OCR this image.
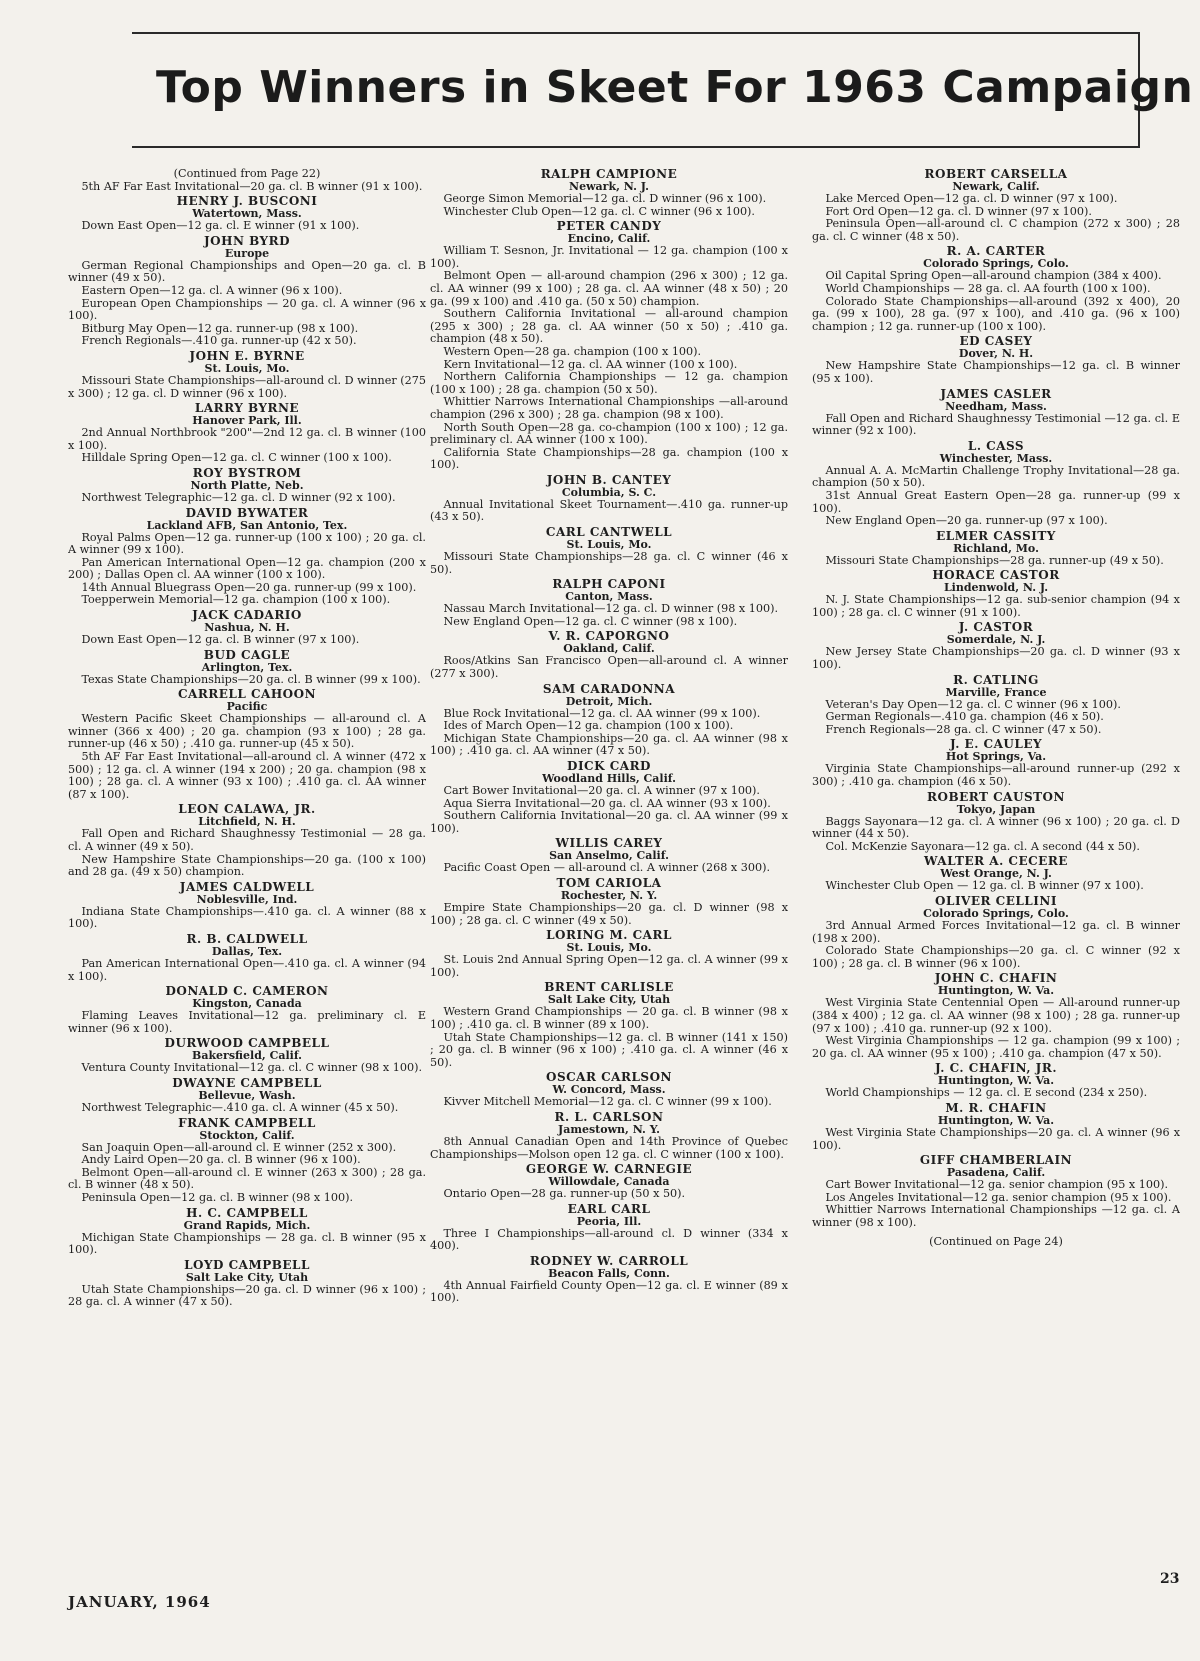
Top Winners in Skeet For 1963 Campaign

(Continued from Page 22)

5th AF Far East Invitational—20 ga. cl. B winner (91 x 100).

HENRY J. BUSCONI

Watertown, Mass.

Down East Open—12 ga. cl. E winner (91 x 100).

JOHN BYRD

Europe

German Regional Championships and Open—20 ga. cl. B winner (49 x 50).

Eastern Open—12 ga. cl. A winner (96 x 100).

European Open Championships — 20 ga. cl. A winner (96 x 100).

Bitburg May Open—12 ga. runner-up (98 x 100).

French Regionals—.410 ga. runner-up (42 x 50).

JOHN E. BYRNE

St. Louis, Mo.

Missouri State Championships—all-around cl. D winner (275 x 300) ; 12 ga. cl. D winner (96 x 100).

LARRY BYRNE

Hanover Park, Ill.

2nd Annual Northbrook "200"—2nd 12 ga. cl. B winner (100 x 100).

Hilldale Spring Open—12 ga. cl. C winner (100 x 100).

ROY BYSTROM

North Platte, Neb.

Northwest Telegraphic—12 ga. cl. D winner (92 x 100).

DAVID BYWATER

Lackland AFB, San Antonio, Tex.

Royal Palms Open—12 ga. runner-up (100 x 100) ; 20 ga. cl. A winner (99 x 100).

Pan American International Open—12 ga. champion (200 x 200) ; Dallas Open cl. AA winner (100 x 100).

14th Annual Bluegrass Open—20 ga. runner-up (99 x 100).

Toepperwein Memorial—12 ga. champion (100 x 100).

JACK CADARIO

Nashua, N. H.

Down East Open—12 ga. cl. B winner (97 x 100).

BUD CAGLE

Arlington, Tex.

Texas State Championships—20 ga. cl. B winner (99 x 100).

CARRELL CAHOON

Pacific

Western Pacific Skeet Championships — all-around cl. A winner (366 x 400) ; 20 ga. champion (93 x 100) ; 28 ga. runner-up (46 x 50) ; .410 ga. runner-up (45 x 50).

5th AF Far East Invitational—all-around cl. A winner (472 x 500) ; 12 ga. cl. A winner (194 x 200) ; 20 ga. champion (98 x 100) ; 28 ga. cl. A winner (93 x 100) ; .410 ga. cl. AA winner (87 x 100).

LEON CALAWA, JR.

Litchfield, N. H.

Fall Open and Richard Shaughnessy Testimonial — 28 ga. cl. A winner (49 x 50).

New Hampshire State Championships—20 ga. (100 x 100) and 28 ga. (49 x 50) champion.

JAMES CALDWELL

Noblesville, Ind.

Indiana State Championships—.410 ga. cl. A winner (88 x 100).

R. B. CALDWELL

Dallas, Tex.

Pan American International Open—.410 ga. cl. A winner (94 x 100).

DONALD C. CAMERON

Kingston, Canada

Flaming Leaves Invitational—12 ga. preliminary cl. E winner (96 x 100).

DURWOOD CAMPBELL

Bakersfield, Calif.

Ventura County Invitational—12 ga. cl. C winner (98 x 100).

DWAYNE CAMPBELL

Bellevue, Wash.

Northwest Telegraphic—.410 ga. cl. A winner (45 x 50).

FRANK CAMPBELL

Stockton, Calif.

San Joaquin Open—all-around cl. E winner (252 x 300).

Andy Laird Open—20 ga. cl. B winner (96 x 100).

Belmont Open—all-around cl. E winner (263 x 300) ; 28 ga. cl. B winner (48 x 50).

Peninsula Open—12 ga. cl. B winner (98 x 100).

H. C. CAMPBELL

Grand Rapids, Mich.

Michigan State Championships — 28 ga. cl. B winner (95 x 100).

LOYD CAMPBELL

Salt Lake City, Utah

Utah State Championships—20 ga. cl. D winner (96 x 100) ; 28 ga. cl. A winner (47 x 50).

RALPH CAMPIONE

Newark, N. J.

George Simon Memorial—12 ga. cl. D winner (96 x 100).

Winchester Club Open—12 ga. cl. C winner (96 x 100).

PETER CANDY

Encino, Calif.

William T. Sesnon, Jr. Invitational — 12 ga. champion (100 x 100).

Belmont Open — all-around champion (296 x 300) ; 12 ga. cl. AA winner (99 x 100) ; 28 ga. cl. AA winner (48 x 50) ; 20 ga. (99 x 100) and .410 ga. (50 x 50) champion.

Southern California Invitational — all-around champion (295 x 300) ; 28 ga. cl. AA winner (50 x 50) ; .410 ga. champion (48 x 50).

Western Open—28 ga. champion (100 x 100).

Kern Invitational—12 ga. cl. AA winner (100 x 100).

Northern California Championships — 12 ga. champion (100 x 100) ; 28 ga. champion (50 x 50).

Whittier Narrows International Championships —all-around champion (296 x 300) ; 28 ga. champion (98 x 100).

North South Open—28 ga. co-champion (100 x 100) ; 12 ga. preliminary cl. AA winner (100 x 100).

California State Championships—28 ga. champion (100 x 100).

JOHN B. CANTEY

Columbia, S. C.

Annual Invitational Skeet Tournament—.410 ga. runner-up (43 x 50).

CARL CANTWELL

St. Louis, Mo.

Missouri State Championships—28 ga. cl. C winner (46 x 50).

RALPH CAPONI

Canton, Mass.

Nassau March Invitational—12 ga. cl. D winner (98 x 100).

New England Open—12 ga. cl. C winner (98 x 100).

V. R. CAPORGNO

Oakland, Calif.

Roos/Atkins San Francisco Open—all-around cl. A winner (277 x 300).

SAM CARADONNA

Detroit, Mich.

Blue Rock Invitational—12 ga. cl. AA winner (99 x 100).

Ides of March Open—12 ga. champion (100 x 100).

Michigan State Championships—20 ga. cl. AA winner (98 x 100) ; .410 ga. cl. AA winner (47 x 50).

DICK CARD

Woodland Hills, Calif.

Cart Bower Invitational—20 ga. cl. A winner (97 x 100).

Aqua Sierra Invitational—20 ga. cl. AA winner (93 x 100).

Southern California Invitational—20 ga. cl. AA winner (99 x 100).

WILLIS CAREY

San Anselmo, Calif.

Pacific Coast Open — all-around cl. A winner (268 x 300).

TOM CARIOLA

Rochester, N. Y.

Empire State Championships—20 ga. cl. D winner (98 x 100) ; 28 ga. cl. C winner (49 x 50).

LORING M. CARL

St. Louis, Mo.

St. Louis 2nd Annual Spring Open—12 ga. cl. A winner (99 x 100).

BRENT CARLISLE

Salt Lake City, Utah

Western Grand Championships — 20 ga. cl. B winner (98 x 100) ; .410 ga. cl. B winner (89 x 100).

Utah State Championships—12 ga. cl. B winner (141 x 150) ; 20 ga. cl. B winner (96 x 100) ; .410 ga. cl. A winner (46 x 50).

OSCAR CARLSON

W. Concord, Mass.

Kivver Mitchell Memorial—12 ga. cl. C winner (99 x 100).

R. L. CARLSON

Jamestown, N. Y.

8th Annual Canadian Open and 14th Province of Quebec Championships—Molson open 12 ga. cl. C winner (100 x 100).

GEORGE W. CARNEGIE

Willowdale, Canada

Ontario Open—28 ga. runner-up (50 x 50).

EARL CARL

Peoria, Ill.

Three I Championships—all-around cl. D winner (334 x 400).

RODNEY W. CARROLL

Beacon Falls, Conn.

4th Annual Fairfield County Open—12 ga. cl. E winner (89 x 100).

ROBERT CARSELLA

Newark, Calif.

Lake Merced Open—12 ga. cl. D winner (97 x 100).

Fort Ord Open—12 ga. cl. D winner (97 x 100).

Peninsula Open—all-around cl. C champion (272 x 300) ; 28 ga. cl. C winner (48 x 50).

R. A. CARTER

Colorado Springs, Colo.

Oil Capital Spring Open—all-around champion (384 x 400).

World Championships — 28 ga. cl. AA fourth (100 x 100).

Colorado State Championships—all-around (392 x 400), 20 ga. (99 x 100), 28 ga. (97 x 100), and .410 ga. (96 x 100) champion ; 12 ga. runner-up (100 x 100).

ED CASEY

Dover, N. H.

New Hampshire State Championships—12 ga. cl. B winner (95 x 100).

JAMES CASLER

Needham, Mass.

Fall Open and Richard Shaughnessy Testimonial —12 ga. cl. E winner (92 x 100).

L. CASS

Winchester, Mass.

Annual A. A. McMartin Challenge Trophy Invitational—28 ga. champion (50 x 50).

31st Annual Great Eastern Open—28 ga. runner-up (99 x 100).

New England Open—20 ga. runner-up (97 x 100).

ELMER CASSITY

Richland, Mo.

Missouri State Championships—28 ga. runner-up (49 x 50).

HORACE CASTOR

Lindenwold, N. J.

N. J. State Championships—12 ga. sub-senior champion (94 x 100) ; 28 ga. cl. C winner (91 x 100).

J. CASTOR

Somerdale, N. J.

New Jersey State Championships—20 ga. cl. D winner (93 x 100).

R. CATLING

Marville, France

Veteran's Day Open—12 ga. cl. C winner (96 x 100).

German Regionals—.410 ga. champion (46 x 50).

French Regionals—28 ga. cl. C winner (47 x 50).

J. E. CAULEY

Hot Springs, Va.

Virginia State Championships—all-around runner-up (292 x 300) ; .410 ga. champion (46 x 50).

ROBERT CAUSTON

Tokyo, Japan

Baggs Sayonara—12 ga. cl. A winner (96 x 100) ; 20 ga. cl. D winner (44 x 50).

Col. McKenzie Sayonara—12 ga. cl. A second (44 x 50).

WALTER A. CECERE

West Orange, N. J.

Winchester Club Open — 12 ga. cl. B winner (97 x 100).

OLIVER CELLINI

Colorado Springs, Colo.

3rd Annual Armed Forces Invitational—12 ga. cl. B winner (198 x 200).

Colorado State Championships—20 ga. cl. C winner (92 x 100) ; 28 ga. cl. B winner (96 x 100).

JOHN C. CHAFIN

Huntington, W. Va.

West Virginia State Centennial Open — All-around runner-up (384 x 400) ; 12 ga. cl. AA winner (98 x 100) ; 28 ga. runner-up (97 x 100) ; .410 ga. runner-up (92 x 100).

West Virginia Championships — 12 ga. champion (99 x 100) ; 20 ga. cl. AA winner (95 x 100) ; .410 ga. champion (47 x 50).

J. C. CHAFIN, JR.

Huntington, W. Va.

World Championships — 12 ga. cl. E second (234 x 250).

M. R. CHAFIN

Huntington, W. Va.

West Virginia State Championships—20 ga. cl. A winner (96 x 100).

GIFF CHAMBERLAIN

Pasadena, Calif.

Cart Bower Invitational—12 ga. senior champion (95 x 100).

Los Angeles Invitational—12 ga. senior champion (95 x 100).

Whittier Narrows International Championships —12 ga. cl. A winner (98 x 100).

(Continued on Page 24)

JANUARY, 1964
23
